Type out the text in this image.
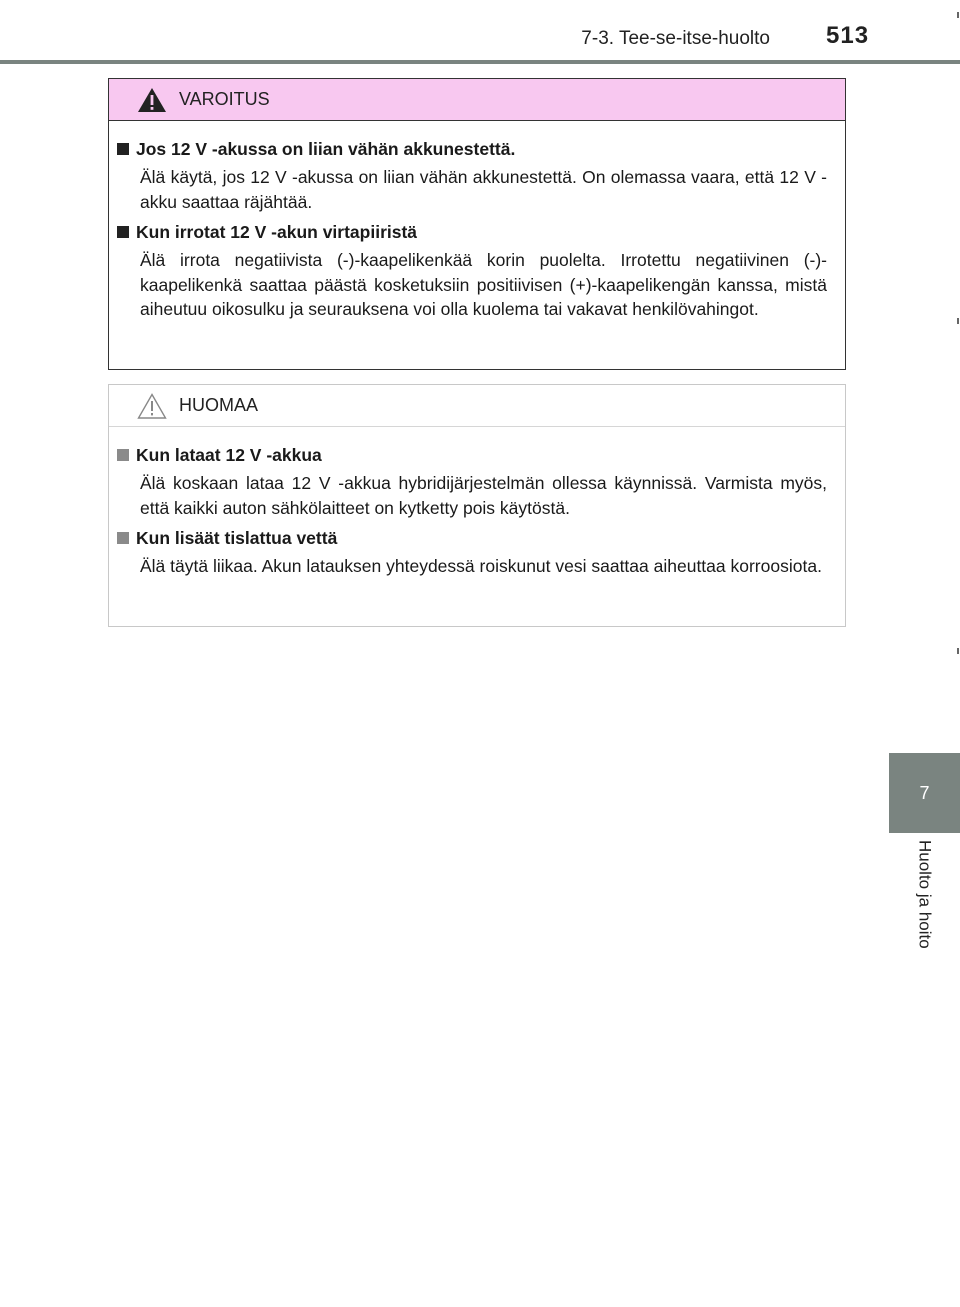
7-3. Tee-se-itse-huolto 513
7
Huolto ja hoito
VAROITUS
Jos 12 V -akussa on liian vähän akkunestettä.
Älä käytä, jos 12 V -akussa on liian vähän akkunestettä. On olemassa vaara, että 12 V -akku saattaa räjähtää.
Kun irrotat 12 V -akun virtapiiristä
Älä irrota negatiivista (-)-kaapelikenkää korin puolelta. Irrotettu negatiivinen (-)-kaapelikenkä saattaa päästä kosketuksiin positiivisen (+)-kaapelikengän kanssa, mistä aiheutuu oikosulku ja seurauksena voi olla kuolema tai vakavat henkilövahingot.
HUOMAA
Kun lataat 12 V -akkua
Älä koskaan lataa 12 V -akkua hybridijärjestelmän ollessa käynnissä. Varmista myös, että kaikki auton sähkölaitteet on kytketty pois käytöstä.
Kun lisäät tislattua vettä
Älä täytä liikaa. Akun latauksen yhteydessä roiskunut vesi saattaa aiheuttaa korroosiota.
